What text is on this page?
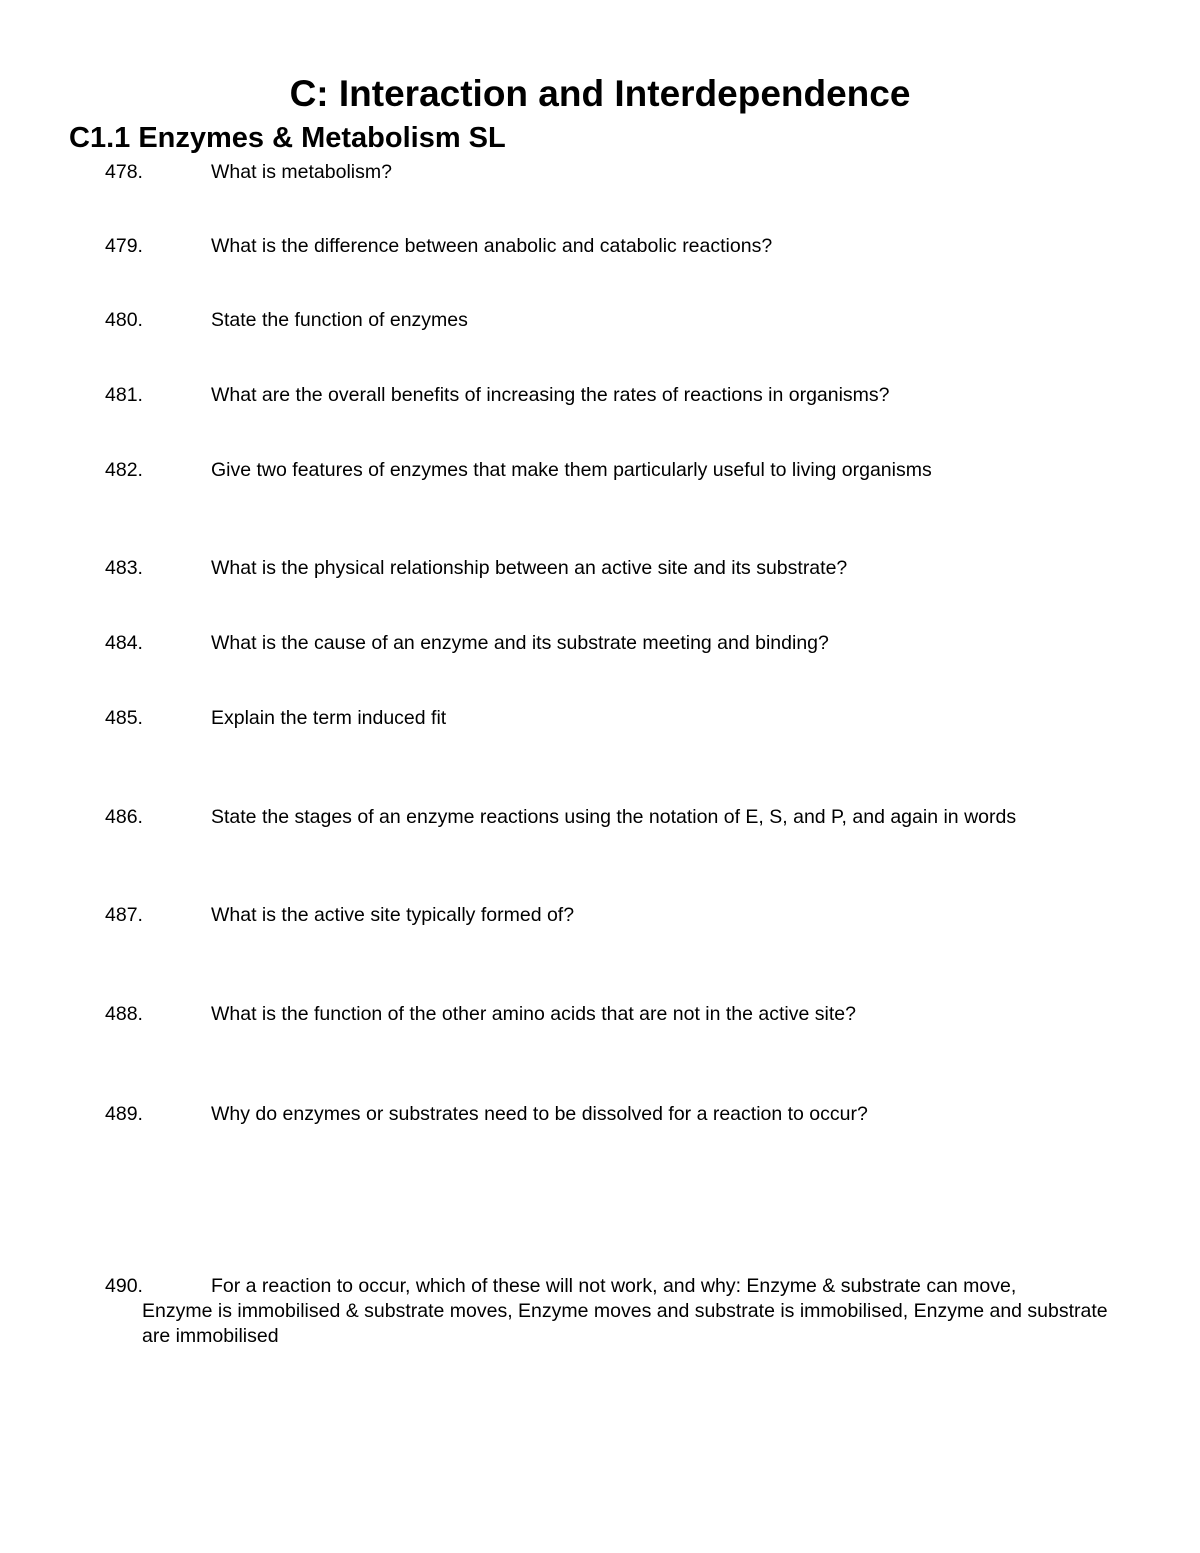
C: Interaction and Interdependence
C1.1 Enzymes & Metabolism SL
478.	What is metabolism?
479.	What is the difference between anabolic and catabolic reactions?
480.	State the function of enzymes
481.	What are the overall benefits of increasing the rates of reactions in organisms?
482.	Give two features of enzymes that make them particularly useful to living organisms
483.	What is the physical relationship between an active site and its substrate?
484.	What is the cause of an enzyme and its substrate meeting and binding?
485.	Explain the term induced fit
486.	State the stages of an enzyme reactions using the notation of E, S, and P, and again in words
487.	What is the active site typically formed of?
488.	What is the function of the other amino acids that are not in the active site?
489.	Why do enzymes or substrates need to be dissolved for a reaction to occur?
490.	For a reaction to occur, which of these will not work, and why: Enzyme & substrate can move,
Enzyme is immobilised & substrate moves, Enzyme moves and substrate is immobilised, Enzyme and substrate are immobilised
